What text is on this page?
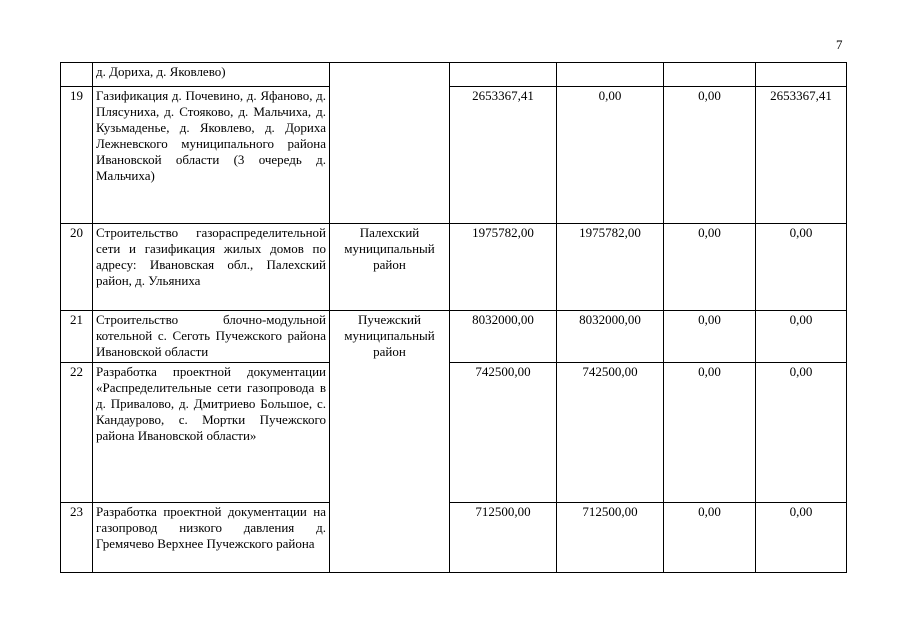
7
	д. Дориха, д. Яковлево)					
19	Газификация д. Почевино, д. Яфаново, д. Плясуниха, д. Стояково, д. Мальчиха, д. Кузьмаденье, д. Яковлево, д. Дориха Лежневского муниципального района Ивановской области (3 очередь д. Мальчиха)		2653367,41	0,00	0,00	2653367,41
20	Строительство газораспределительной сети и газификация жилых домов по адресу: Ивановская обл., Палехский район, д. Ульяниха	Палехский муниципальный район	1975782,00	1975782,00	0,00	0,00
21	Строительство блочно-модульной котельной с. Сеготь Пучежского района Ивановской области	Пучежский муниципальный район	8032000,00	8032000,00	0,00	0,00
22	Разработка проектной документации «Распределительные сети газопровода в д. Привалово, д. Дмитриево Большое, с. Кандаурово, с. Мортки Пучежского района Ивановской области»		742500,00	742500,00	0,00	0,00
23	Разработка проектной документации на газопровод низкого давления д. Гремячево Верхнее Пучежского района		712500,00	712500,00	0,00	0,00
